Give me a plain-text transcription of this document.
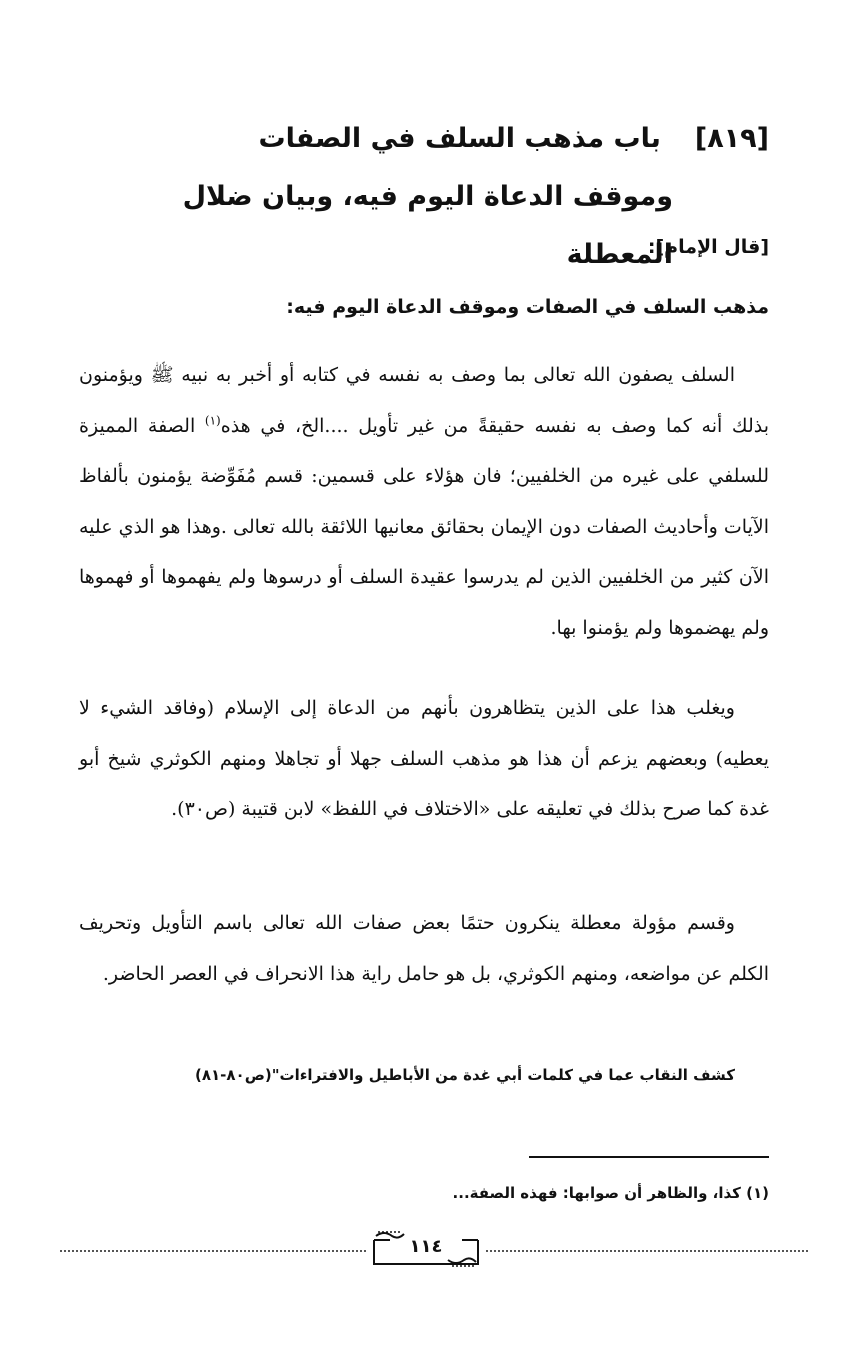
[٨١٩]باب مذهب السلف في الصفات
وموقف الدعاة اليوم فيه، وبيان ضلال المعطلة
[قال الإمام]:
مذهب السلف في الصفات وموقف الدعاة اليوم فيه:

السلف يصفون الله تعالى بما وصف به نفسه في كتابه أو أخبر به نبيه ﷺ ويؤمنون بذلك أنه كما وصف به نفسه حقيقةً من غير تأويل ....الخ، في هذه$^{(١)}$ الصفة المميزة للسلفي على غيره من الخلفيين؛ فان هؤلاء على قسمين: قسم مُفَوِّضة يؤمنون بألفاظ الآيات وأحاديث الصفات دون الإيمان بحقائق معانيها اللائقة بالله تعالى .وهذا هو الذي عليه الآن كثير من الخلفيين الذين لم يدرسوا عقيدة السلف أو درسوها ولم يفهموها أو فهموها ولم يهضموها ولم يؤمنوا بها.

ويغلب هذا على الذين يتظاهرون بأنهم من الدعاة إلى الإسلام (وفاقد الشيء لا يعطيه) وبعضهم يزعم أن هذا هو مذهب السلف جهلا أو تجاهلا ومنهم الكوثري شيخ أبو غدة كما صرح بذلك في تعليقه على «الاختلاف في اللفظ» لابن قتيبة (ص٣٠).

وقسم مؤولة معطلة ينكرون حتمًا بعض صفات الله تعالى باسم التأويل وتحريف الكلم عن مواضعه، ومنهم الكوثري، بل هو حامل راية هذا الانحراف في العصر الحاضر.

كشف النقاب عما في كلمات أبي غدة من الأباطيل والافتراءات"(ص٨٠-٨١)
(١) كذا، والظاهر أن صوابها: فهذه الصفة...
١١٤
